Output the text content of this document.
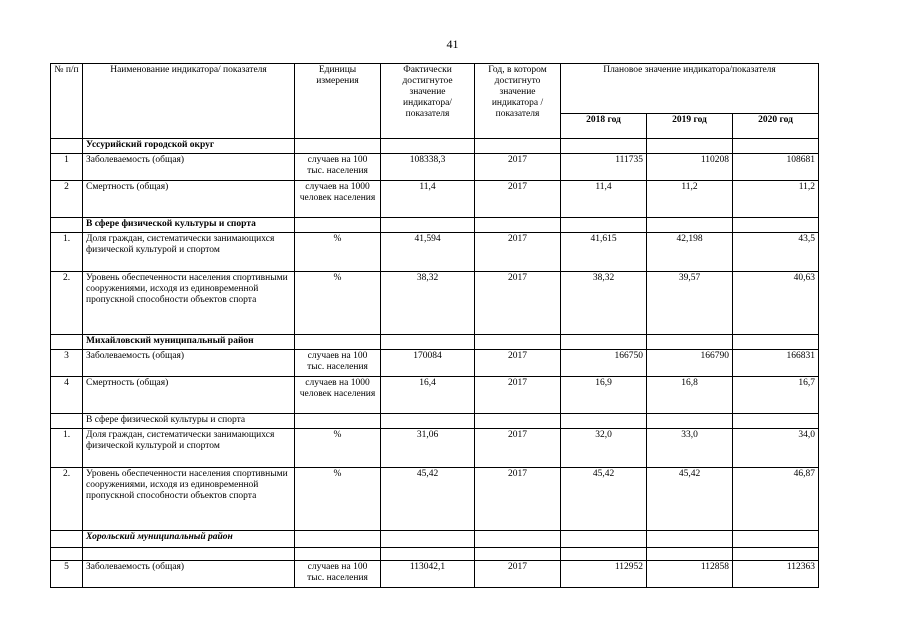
41
№ п/п	Наименование индикатора/ показателя	Единицы измерения	Фактически достигнутое значение индикатора/ показателя	Год, в котором достигнуто значение индикатора /показателя	Плановое значение индикатора/показателя		
					2018 год	2019 год	2020 год
	Уссурийский городской округ						
1	Заболеваемость (общая)	случаев на 100 тыс. населения	108338,3	2017	111735	110208	108681
2	Смертность (общая)	случаев на 1000 человек населения	11,4	2017	11,4	11,2	11,2
	В сфере физической культуры и спорта						
1.	Доля граждан, систематически занимающихся физической культурой и спортом	%	41,594	2017	41,615	42,198	43,5
2.	Уровень обеспеченности населения спортивными сооружениями, исходя из единовременной пропускной способности объектов спорта	%	38,32	2017	38,32	39,57	40,63
	Михайловский муниципальный район						
3	Заболеваемость (общая)	случаев на 100 тыс. населения	170084	2017	166750	166790	166831
4	Смертность (общая)	случаев на 1000 человек населения	16,4	2017	16,9	16,8	16,7
	В сфере физической культуры и спорта						
1.	Доля граждан, систематически занимающихся физической культурой и спортом	%	31,06	2017	32,0	33,0	34,0
2.	Уровень обеспеченности населения спортивными сооружениями, исходя из единовременной пропускной способности объектов спорта	%	45,42	2017	45,42	45,42	46,87
	Хорольский муниципальный район						

5	Заболеваемость (общая)	случаев на 100 тыс. населения	113042,1	2017	112952	112858	112363
